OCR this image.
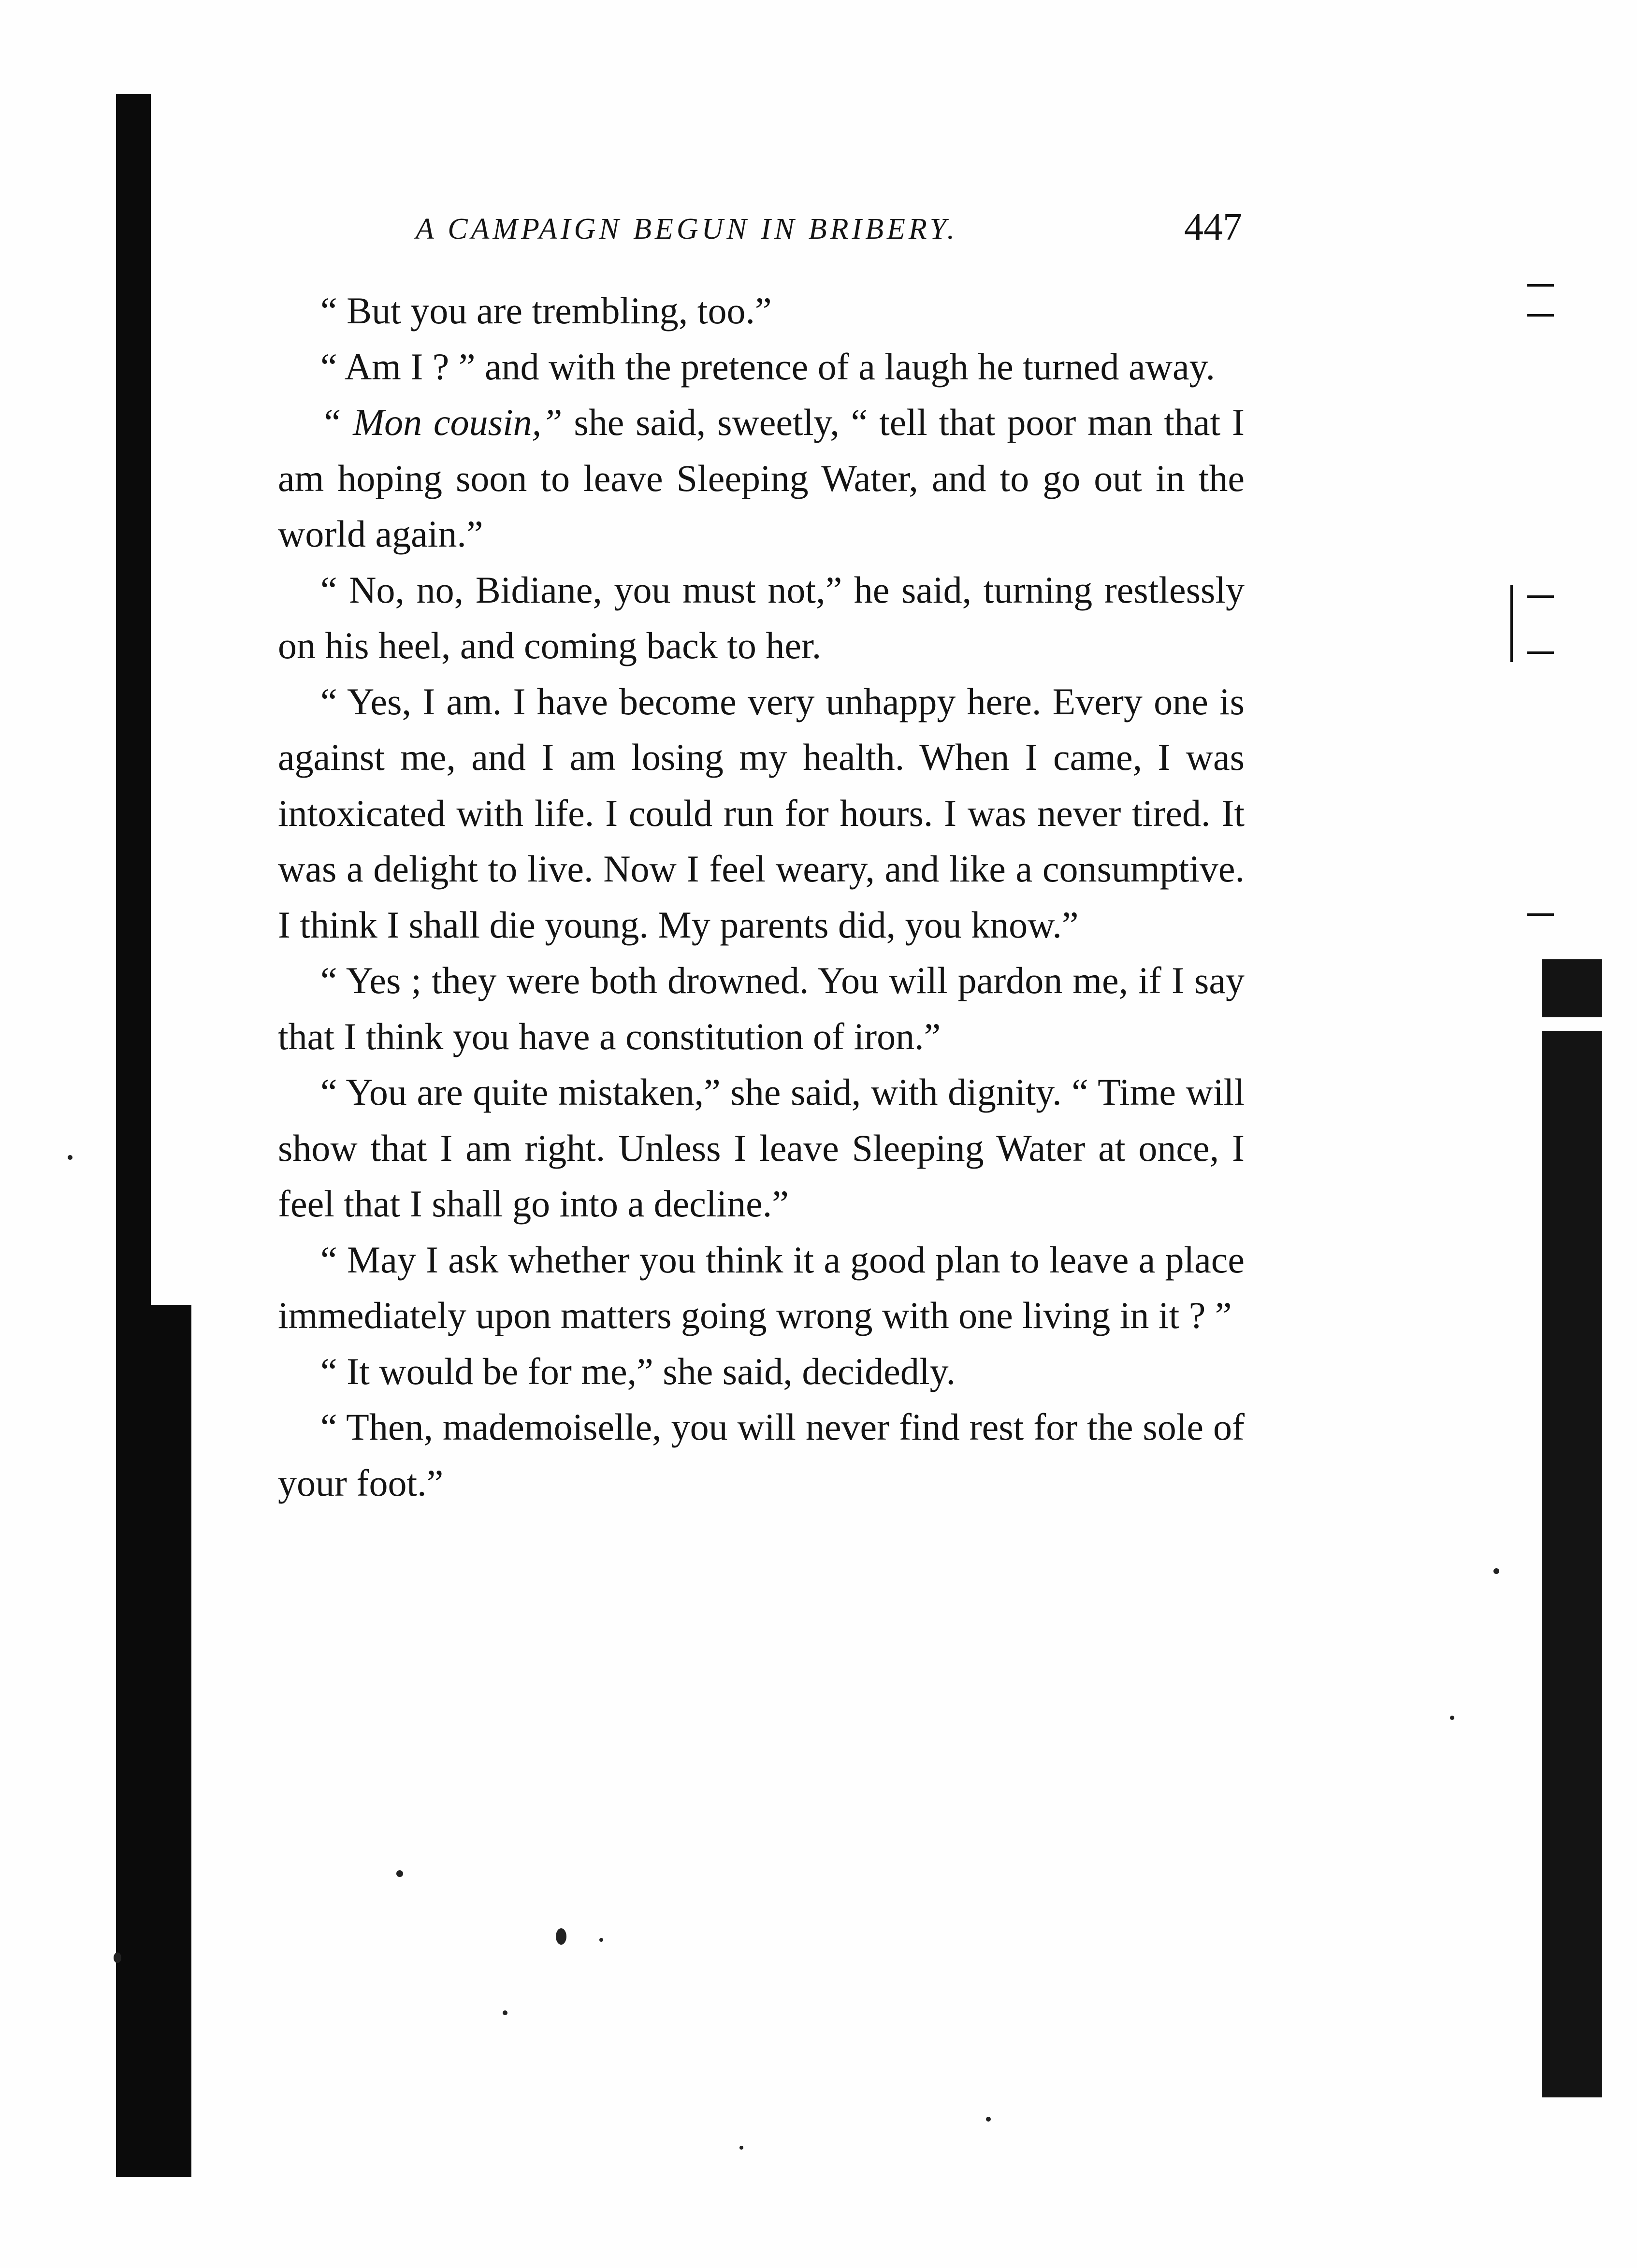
A CAMPAIGN BEGUN IN BRIBERY.	447

“ But you are trembling, too.”

“ Am I ? ” and with the pretence of a laugh he turned away.

“ Mon cousin,” she said, sweetly, “ tell that poor man that I am hoping soon to leave Sleeping Water, and to go out in the world again.”

“ No, no, Bidiane, you must not,” he said, turning restlessly on his heel, and coming back to her.

“ Yes, I am. I have become very unhappy here. Every one is against me, and I am losing my health. When I came, I was intoxicated with life. I could run for hours. I was never tired. It was a delight to live. Now I feel weary, and like a consumptive. I think I shall die young. My parents did, you know.”

“ Yes ; they were both drowned. You will pardon me, if I say that I think you have a constitution of iron.”

“ You are quite mistaken,” she said, with dignity. “ Time will show that I am right. Unless I leave Sleeping Water at once, I feel that I shall go into a decline.”

“ May I ask whether you think it a good plan to leave a place immediately upon matters going wrong with one living in it ? ”

“ It would be for me,” she said, decidedly.

“ Then, mademoiselle, you will never find rest for the sole of your foot.”
